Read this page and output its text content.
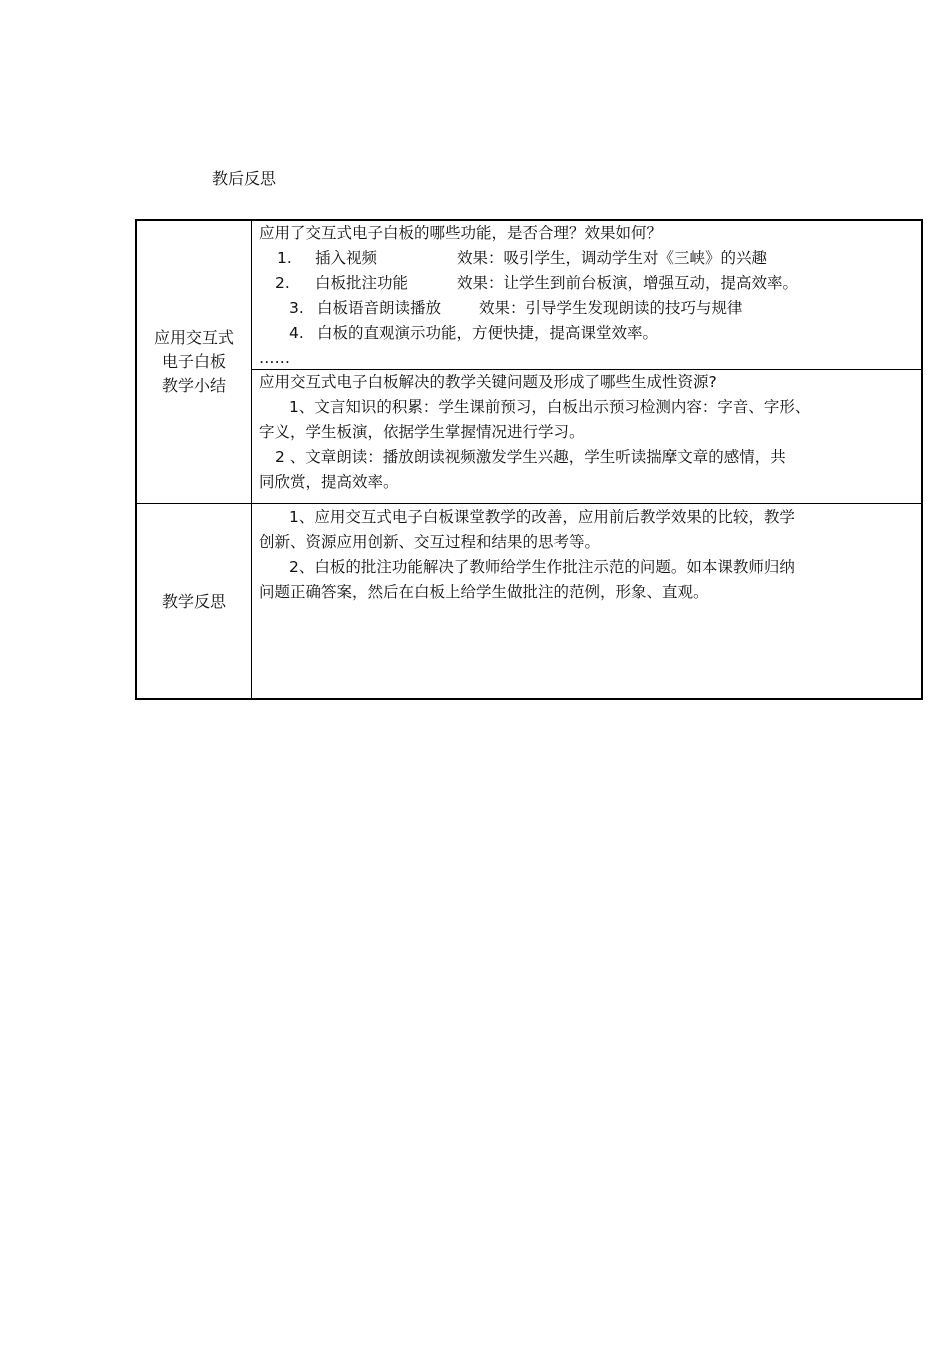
教后反思
应用交互式
电子白板
教学小结
教学反思
应用了交互式电子白板的哪些功能，是否合理？效果如何？
1. 插入视频	效果：吸引学生，调动学生对《三峡》的兴趣
2. 白板批注功能	效果：让学生到前台板演，增强互动，提高效率。
3. 白板语音朗读播放 效果：引导学生发现朗读的技巧与规律
4. 白板的直观演示功能，方便快捷，提高课堂效率。
……
应用交互式电子白板解决的教学关键问题及形成了哪些生成性资源?
1、文言知识的积累：学生课前预习，白板出示预习检测内容：字音、字形、
字义，学生板演，依据学生掌握情况进行学习。
2 、文章朗读：播放朗读视频激发学生兴趣，学生听读揣摩文章的感情，共
同欣赏，提高效率。
1、应用交互式电子白板课堂教学的改善，应用前后教学效果的比较，教学
创新、资源应用创新、交互过程和结果的思考等。
2、白板的批注功能解决了教师给学生作批注示范的问题。如本课教师归纳
问题正确答案，然后在白板上给学生做批注的范例，形象、直观。
